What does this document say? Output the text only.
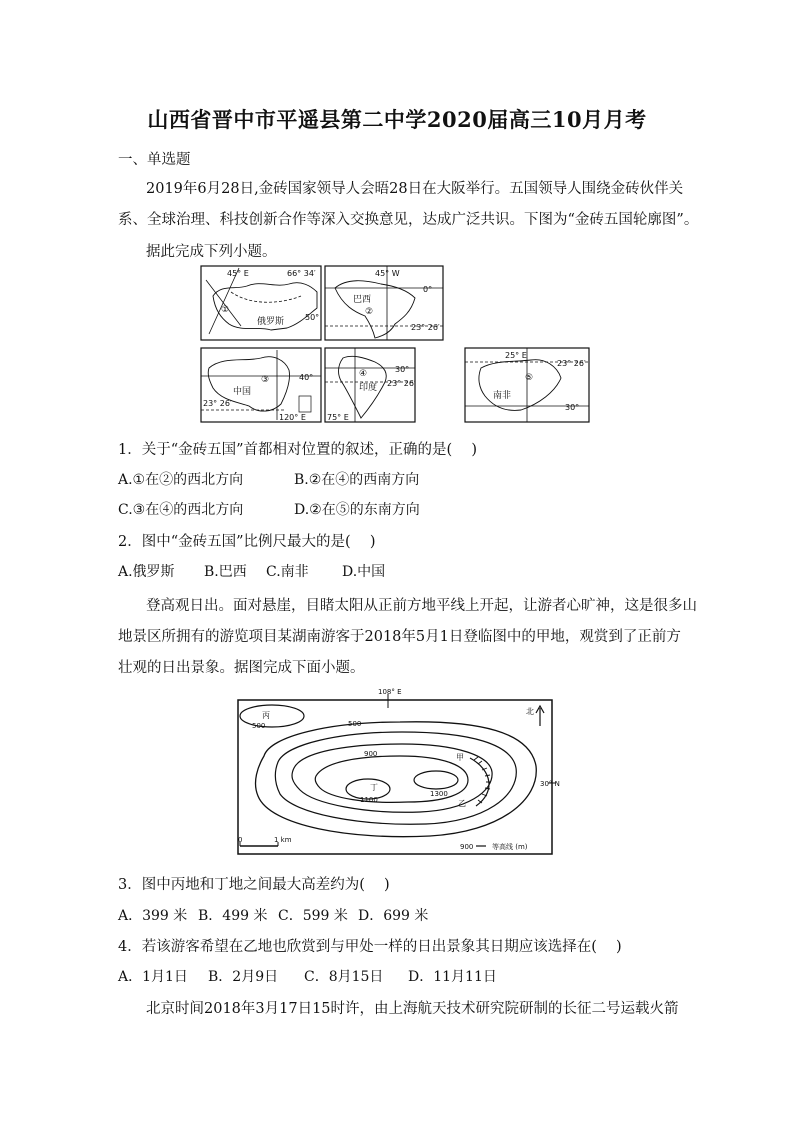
山西省晋中市平遥县第二中学2020届高三10月月考
一、单选题
2019年6月28日,金砖国家领导人会晤28日在大阪举行。五国领导人围绕金砖伙伴关
系、全球治理、科技创新合作等深入交换意见，达成广泛共识。下图为“金砖五国轮廓图”。
据此完成下列小题。
45° E	66° 34′
50°
俄罗斯
①
45° W
0°
23° 26′
巴西
②
40°
23° 26′
120° E
中国
③
30°
23° 26′
75° E
印度
④
25° E
23° 26′
30°
南非
⑤
1．关于“金砖五国”首都相对位置的叙述，正确的是(　 )
A.①在②的西北方向	B.②在④的西南方向
C.③在④的西北方向	D.②在⑤的东南方向
2．图中“金砖五国”比例尺最大的是(　 )
A.俄罗斯 B.巴西 C.南非 D.中国
登高观日出。面对悬崖，目睹太阳从正前方地平线上开起，让游者心旷神，这是很多山
地景区所拥有的游览项目某湖南游客于2018年5月1日登临图中的甲地，观赏到了正前方
壮观的日出景象。据图完成下面小题。
108° E
30° N
北
丙
500	500
900
丁
1100
1300
甲
乙
0	1 km
900	等高线 (m)
3．图中丙地和丁地之间最大高差约为(　 )
A．399 米 B．499 米 C．599 米 D．699 米
4．若该游客希望在乙地也欣赏到与甲处一样的日出景象其日期应该选择在(　 )
A．1月1日 B．2月9日 C．8月15日 D．11月11日
北京时间2018年3月17日15时许，由上海航天技术研究院研制的长征二号运载火箭
